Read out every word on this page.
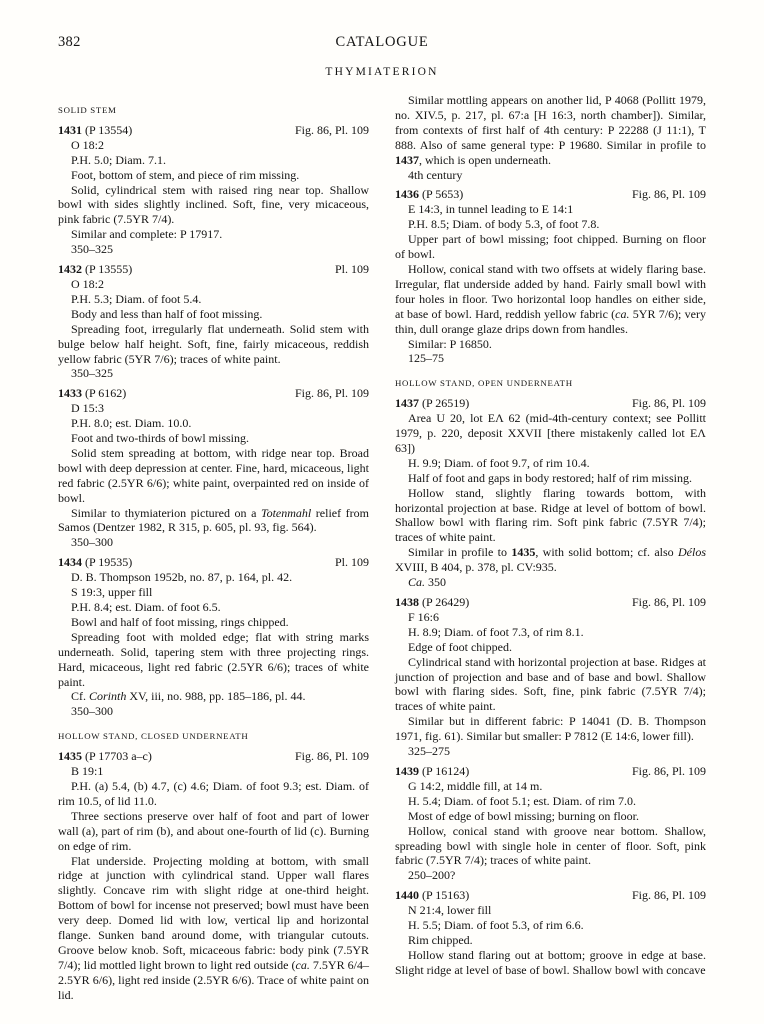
382	CATALOGUE
THYMIATERION
SOLID STEM
1431 (P 13554)	Fig. 86, Pl. 109

O 18:2

P.H. 5.0; Diam. 7.1.

Foot, bottom of stem, and piece of rim missing.

Solid, cylindrical stem with raised ring near top. Shallow bowl with sides slightly inclined. Soft, fine, very micaceous, pink fabric (7.5YR 7/4).

Similar and complete: P 17917.

350–325

1432 (P 13555)	Pl. 109

O 18:2

P.H. 5.3; Diam. of foot 5.4.

Body and less than half of foot missing.

Spreading foot, irregularly flat underneath. Solid stem with bulge below half height. Soft, fine, fairly micaceous, reddish yellow fabric (5YR 7/6); traces of white paint.

350–325

1433 (P 6162)	Fig. 86, Pl. 109

D 15:3

P.H. 8.0; est. Diam. 10.0.

Foot and two-thirds of bowl missing.

Solid stem spreading at bottom, with ridge near top. Broad bowl with deep depression at center. Fine, hard, micaceous, light red fabric (2.5YR 6/6); white paint, overpainted red on inside of bowl.

Similar to thymiaterion pictured on a Totenmahl relief from Samos (Dentzer 1982, R 315, p. 605, pl. 93, fig. 564).

350–300

1434 (P 19535)	Pl. 109

D. B. Thompson 1952b, no. 87, p. 164, pl. 42.

S 19:3, upper fill

P.H. 8.4; est. Diam. of foot 6.5.

Bowl and half of foot missing, rings chipped.

Spreading foot with molded edge; flat with string marks underneath. Solid, tapering stem with three projecting rings. Hard, micaceous, light red fabric (2.5YR 6/6); traces of white paint.

Cf. Corinth XV, iii, no. 988, pp. 185–186, pl. 44.

350–300

HOLLOW STAND, CLOSED UNDERNEATH
1435 (P 17703 a–c)	Fig. 86, Pl. 109

B 19:1

P.H. (a) 5.4, (b) 4.7, (c) 4.6; Diam. of foot 9.3; est. Diam. of rim 10.5, of lid 11.0.

Three sections preserve over half of foot and part of lower wall (a), part of rim (b), and about one-fourth of lid (c). Burning on edge of rim.

Flat underside. Projecting molding at bottom, with small ridge at junction with cylindrical stand. Upper wall flares slightly. Concave rim with slight ridge at one-third height. Bottom of bowl for incense not preserved; bowl must have been very deep. Domed lid with low, vertical lip and horizontal flange. Sunken band around dome, with triangular cutouts. Groove below knob. Soft, micaceous fabric: body pink (7.5YR 7/4); lid mottled light brown to light red outside (ca. 7.5YR 6/4–2.5YR 6/6), light red inside (2.5YR 6/6). Trace of white paint on lid.

Similar mottling appears on another lid, P 4068 (Pollitt 1979, no. XIV.5, p. 217, pl. 67:a [H 16:3, north chamber]). Similar, from contexts of first half of 4th century: P 22288 (J 11:1), T 888. Also of same general type: P 19680. Similar in profile to 1437, which is open underneath.

4th century

1436 (P 5653)	Fig. 86, Pl. 109

E 14:3, in tunnel leading to E 14:1

P.H. 8.5; Diam. of body 5.3, of foot 7.8.

Upper part of bowl missing; foot chipped. Burning on floor of bowl.

Hollow, conical stand with two offsets at widely flaring base. Irregular, flat underside added by hand. Fairly small bowl with four holes in floor. Two horizontal loop handles on either side, at base of bowl. Hard, reddish yellow fabric (ca. 5YR 7/6); very thin, dull orange glaze drips down from handles.

Similar: P 16850.

125–75

HOLLOW STAND, OPEN UNDERNEATH
1437 (P 26519)	Fig. 86, Pl. 109

Area U 20, lot ΕΛ 62 (mid-4th-century context; see Pollitt 1979, p. 220, deposit XXVII [there mistakenly called lot ΕΛ 63])

H. 9.9; Diam. of foot 9.7, of rim 10.4.

Half of foot and gaps in body restored; half of rim missing.

Hollow stand, slightly flaring towards bottom, with horizontal projection at base. Ridge at level of bottom of bowl. Shallow bowl with flaring rim. Soft pink fabric (7.5YR 7/4); traces of white paint.

Similar in profile to 1435, with solid bottom; cf. also Délos XVIII, B 404, p. 378, pl. CV:935.

Ca. 350

1438 (P 26429)	Fig. 86, Pl. 109

F 16:6

H. 8.9; Diam. of foot 7.3, of rim 8.1.

Edge of foot chipped.

Cylindrical stand with horizontal projection at base. Ridges at junction of projection and base and of base and bowl. Shallow bowl with flaring sides. Soft, fine, pink fabric (7.5YR 7/4); traces of white paint.

Similar but in different fabric: P 14041 (D. B. Thompson 1971, fig. 61). Similar but smaller: P 7812 (E 14:6, lower fill).

325–275

1439 (P 16124)	Fig. 86, Pl. 109

G 14:2, middle fill, at 14 m.

H. 5.4; Diam. of foot 5.1; est. Diam. of rim 7.0.

Most of edge of bowl missing; burning on floor.

Hollow, conical stand with groove near bottom. Shallow, spreading bowl with single hole in center of floor. Soft, pink fabric (7.5YR 7/4); traces of white paint.

250–200?

1440 (P 15163)	Fig. 86, Pl. 109

N 21:4, lower fill

H. 5.5; Diam. of foot 5.3, of rim 6.6.

Rim chipped.

Hollow stand flaring out at bottom; groove in edge at base. Slight ridge at level of base of bowl. Shallow bowl with concave
